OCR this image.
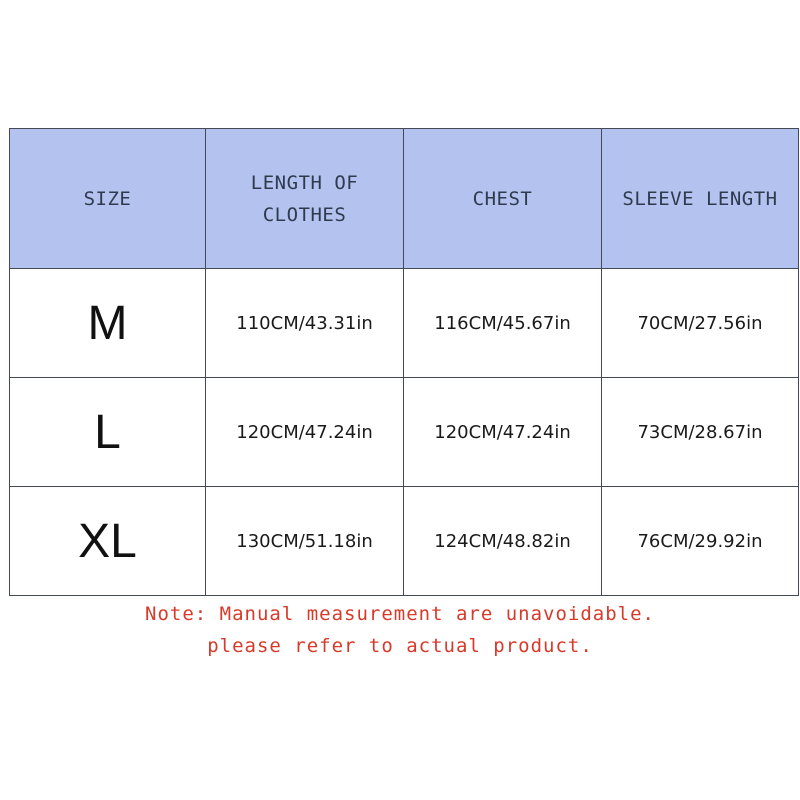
SIZE	LENGTH OF CLOTHES	CHEST	SLEEVE LENGTH
M	110CM/43.31in	116CM/45.67in	70CM/27.56in
L	120CM/47.24in	120CM/47.24in	73CM/28.67in
XL	130CM/51.18in	124CM/48.82in	76CM/29.92in
Note: Manual measurement are unavoidable.
please refer to actual product.
